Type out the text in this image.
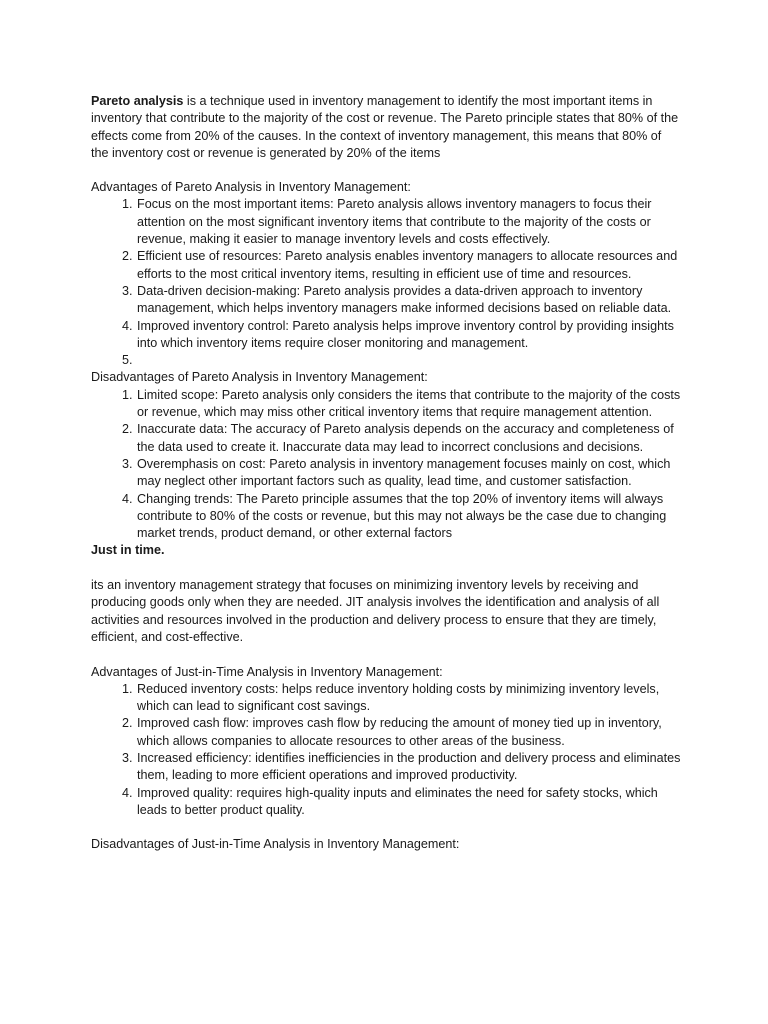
Pareto analysis is a technique used in inventory management to identify the most important items in inventory that contribute to the majority of the cost or revenue. The Pareto principle states that 80% of the effects come from 20% of the causes. In the context of inventory management, this means that 80% of the inventory cost or revenue is generated by 20% of the items

Advantages of Pareto Analysis in Inventory Management:

1. Focus on the most important items: Pareto analysis allows inventory managers to focus their attention on the most significant inventory items that contribute to the majority of the costs or revenue, making it easier to manage inventory levels and costs effectively.
2. Efficient use of resources: Pareto analysis enables inventory managers to allocate resources and efforts to the most critical inventory items, resulting in efficient use of time and resources.
3. Data-driven decision-making: Pareto analysis provides a data-driven approach to inventory management, which helps inventory managers make informed decisions based on reliable data.
4. Improved inventory control: Pareto analysis helps improve inventory control by providing insights into which inventory items require closer monitoring and management.
5.

Disadvantages of Pareto Analysis in Inventory Management:

1. Limited scope: Pareto analysis only considers the items that contribute to the majority of the costs or revenue, which may miss other critical inventory items that require management attention.
2. Inaccurate data: The accuracy of Pareto analysis depends on the accuracy and completeness of the data used to create it. Inaccurate data may lead to incorrect conclusions and decisions.
3. Overemphasis on cost: Pareto analysis in inventory management focuses mainly on cost, which may neglect other important factors such as quality, lead time, and customer satisfaction.
4. Changing trends: The Pareto principle assumes that the top 20% of inventory items will always contribute to 80% of the costs or revenue, but this may not always be the case due to changing market trends, product demand, or other external factors

Just in time.

its an inventory management strategy that focuses on minimizing inventory levels by receiving and producing goods only when they are needed. JIT analysis involves the identification and analysis of all activities and resources involved in the production and delivery process to ensure that they are timely, efficient, and cost-effective.

Advantages of Just-in-Time Analysis in Inventory Management:

1. Reduced inventory costs: helps reduce inventory holding costs by minimizing inventory levels, which can lead to significant cost savings.
2. Improved cash flow: improves cash flow by reducing the amount of money tied up in inventory, which allows companies to allocate resources to other areas of the business.
3. Increased efficiency: identifies inefficiencies in the production and delivery process and eliminates them, leading to more efficient operations and improved productivity.
4. Improved quality: requires high-quality inputs and eliminates the need for safety stocks, which leads to better product quality.

Disadvantages of Just-in-Time Analysis in Inventory Management:
